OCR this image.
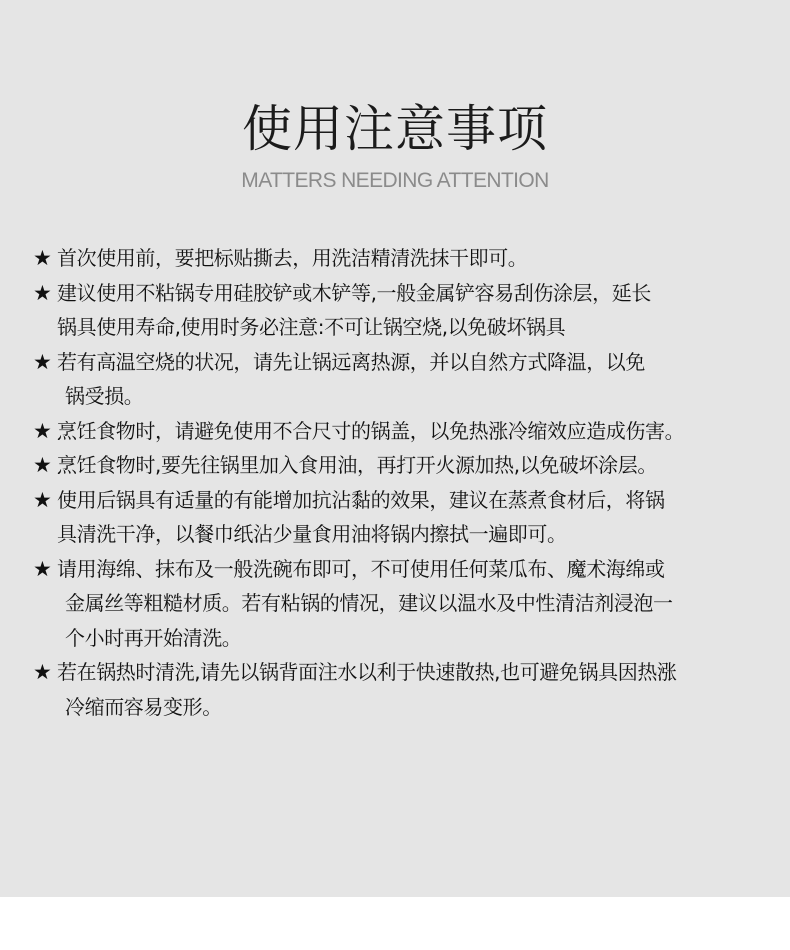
使用注意事项
MATTERS NEEDING ATTENTION
★ 首次使用前，要把标贴撕去，用洗洁精清洗抹干即可。
★ 建议使用不粘锅专用硅胶铲或木铲等,一般金属铲容易刮伤涂层，延长
锅具使用寿命,使用时务必注意:不可让锅空烧,以免破坏锅具
★ 若有高温空烧的状况，请先让锅远离热源，并以自然方式降温，以免
锅受损。
★ 烹饪食物时，请避免使用不合尺寸的锅盖，以免热涨冷缩效应造成伤害。
★ 烹饪食物时,要先往锅里加入食用油，再打开火源加热,以免破坏涂层。
★ 使用后锅具有适量的有能增加抗沾黏的效果，建议在蒸煮食材后，将锅
具清洗干净，以餐巾纸沾少量食用油将锅内擦拭一遍即可。
★ 请用海绵、抹布及一般洗碗布即可，不可使用任何菜瓜布、魔术海绵或
金属丝等粗糙材质。若有粘锅的情况，建议以温水及中性清洁剂浸泡一
个小时再开始清洗。
★ 若在锅热时清洗,请先以锅背面注水以利于快速散热,也可避免锅具因热涨
冷缩而容易变形。
